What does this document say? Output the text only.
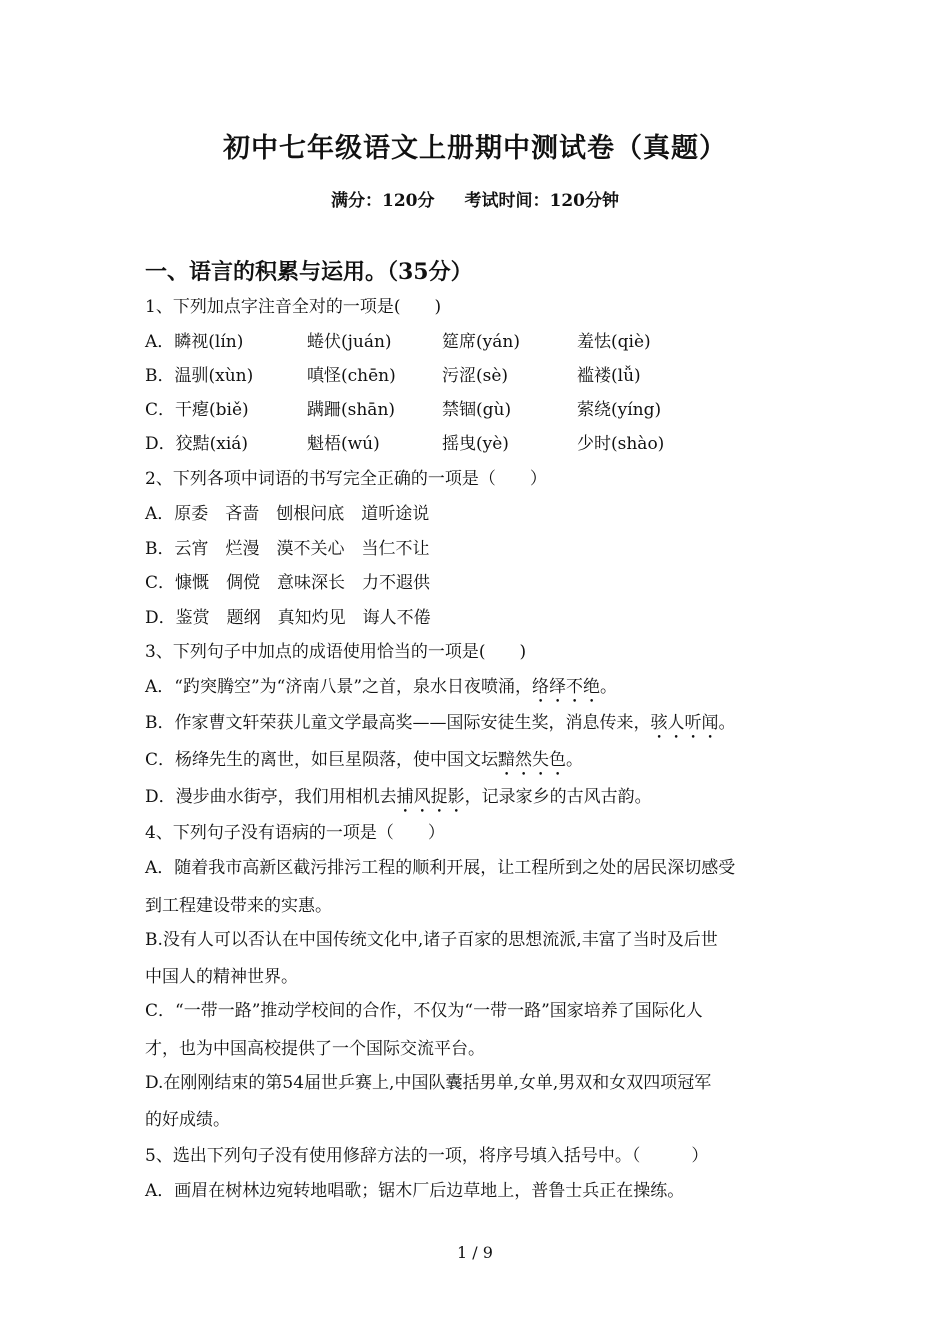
初中七年级语文上册期中测试卷（真题）
满分：120分 考试时间：120分钟
一、语言的积累与运用。（35分）
1、下列加点字注音全对的一项是(　　)
A．瞵视(lín)	蜷伏(juán)	筵席(yán)	羞怯(qiè)
B．温驯(xùn)	嗔怪(chēn)	污涩(sè)	褴褛(lǚ)
C．干瘪(biě)	蹒跚(shān)	禁锢(gù)	萦绕(yíng)
D．狡黠(xiá)	魁梧(wú)	摇曳(yè)	少时(shào)
2、下列各项中词语的书写完全正确的一项是（　　）
A．原委　吝啬　刨根问底　道听途说
B．云宵　烂漫　漠不关心　当仁不让
C．慷慨　倜傥　意味深长　力不遐供
D．鉴赏　题纲　真知灼见　诲人不倦
3、下列句子中加点的成语使用恰当的一项是(　　)
A．“趵突腾空”为“济南八景”之首，泉水日夜喷涌，络绎不绝。
B．作家曹文轩荣获儿童文学最高奖——国际安徒生奖，消息传来，骇人听闻。
C．杨绛先生的离世，如巨星陨落，使中国文坛黯然失色。
D．漫步曲水街亭，我们用相机去捕风捉影，记录家乡的古风古韵。
4、下列句子没有语病的一项是（　　）
A．随着我市高新区截污排污工程的顺利开展，让工程所到之处的居民深切感受
到工程建设带来的实惠。
B.没有人可以否认在中国传统文化中,诸子百家的思想流派,丰富了当时及后世
中国人的精神世界。
C．“一带一路”推动学校间的合作，不仅为“一带一路”国家培养了国际化人
才，也为中国高校提供了一个国际交流平台。
D.在刚刚结束的第54届世乒赛上,中国队囊括男单,女单,男双和女双四项冠军
的好成绩。
5、选出下列句子没有使用修辞方法的一项，将序号填入括号中。（　　　）
A．画眉在树林边宛转地唱歌；锯木厂后边草地上，普鲁士兵正在操练。
1 / 9
